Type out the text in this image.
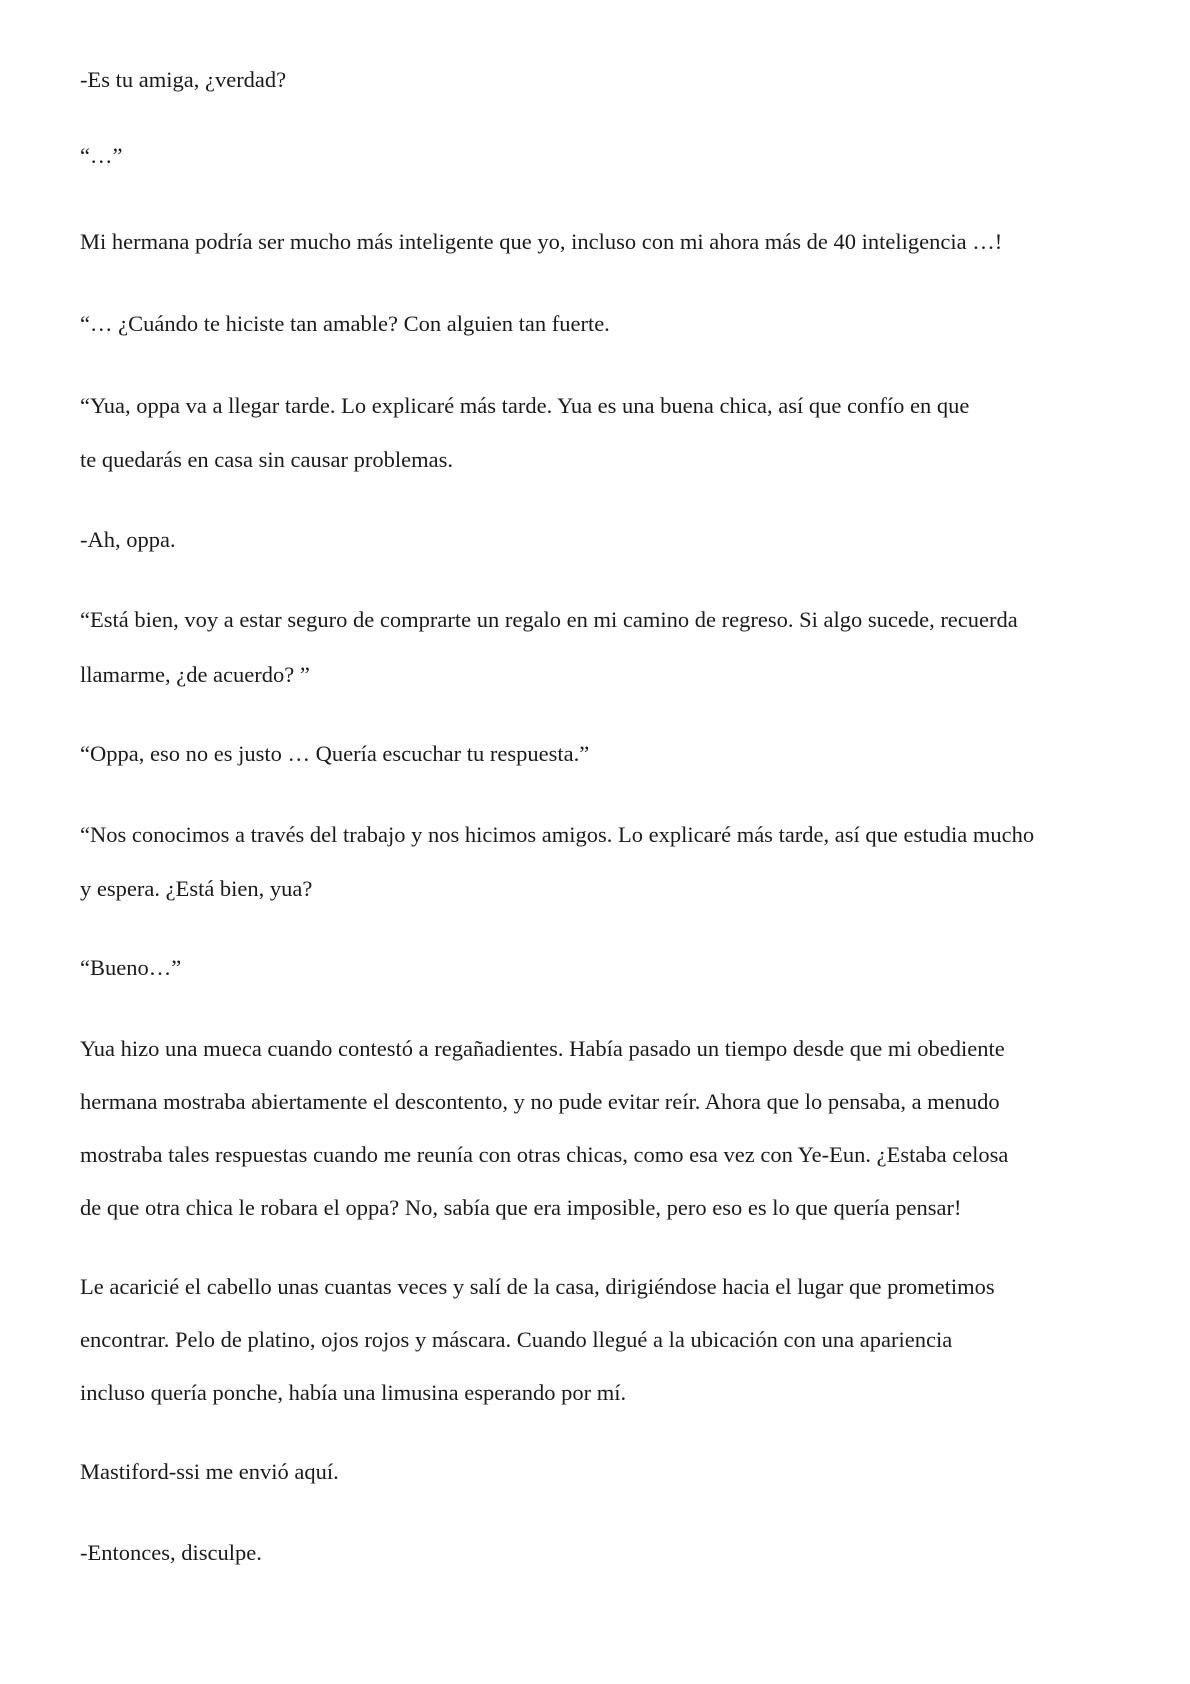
-Es tu amiga, ¿verdad?

“…”

Mi hermana podría ser mucho más inteligente que yo, incluso con mi ahora más de 40 inteligencia …!

“… ¿Cuándo te hiciste tan amable? Con alguien tan fuerte.

“Yua, oppa va a llegar tarde. Lo explicaré más tarde. Yua es una buena chica, así que confío en que

te quedarás en casa sin causar problemas.

-Ah, oppa.

“Está bien, voy a estar seguro de comprarte un regalo en mi camino de regreso. Si algo sucede, recuerda

llamarme, ¿de acuerdo? ”

“Oppa, eso no es justo … Quería escuchar tu respuesta.”

“Nos conocimos a través del trabajo y nos hicimos amigos. Lo explicaré más tarde, así que estudia mucho

y espera. ¿Está bien, yua?

“Bueno…”

Yua hizo una mueca cuando contestó a regañadientes. Había pasado un tiempo desde que mi obediente

hermana mostraba abiertamente el descontento, y no pude evitar reír. Ahora que lo pensaba, a menudo

mostraba tales respuestas cuando me reunía con otras chicas, como esa vez con Ye-Eun. ¿Estaba celosa

de que otra chica le robara el oppa? No, sabía que era imposible, pero eso es lo que quería pensar!

Le acaricié el cabello unas cuantas veces y salí de la casa, dirigiéndose hacia el lugar que prometimos

encontrar. Pelo de platino, ojos rojos y máscara. Cuando llegué a la ubicación con una apariencia

incluso quería ponche, había una limusina esperando por mí.

Mastiford-ssi me envió aquí.

-Entonces, disculpe.
